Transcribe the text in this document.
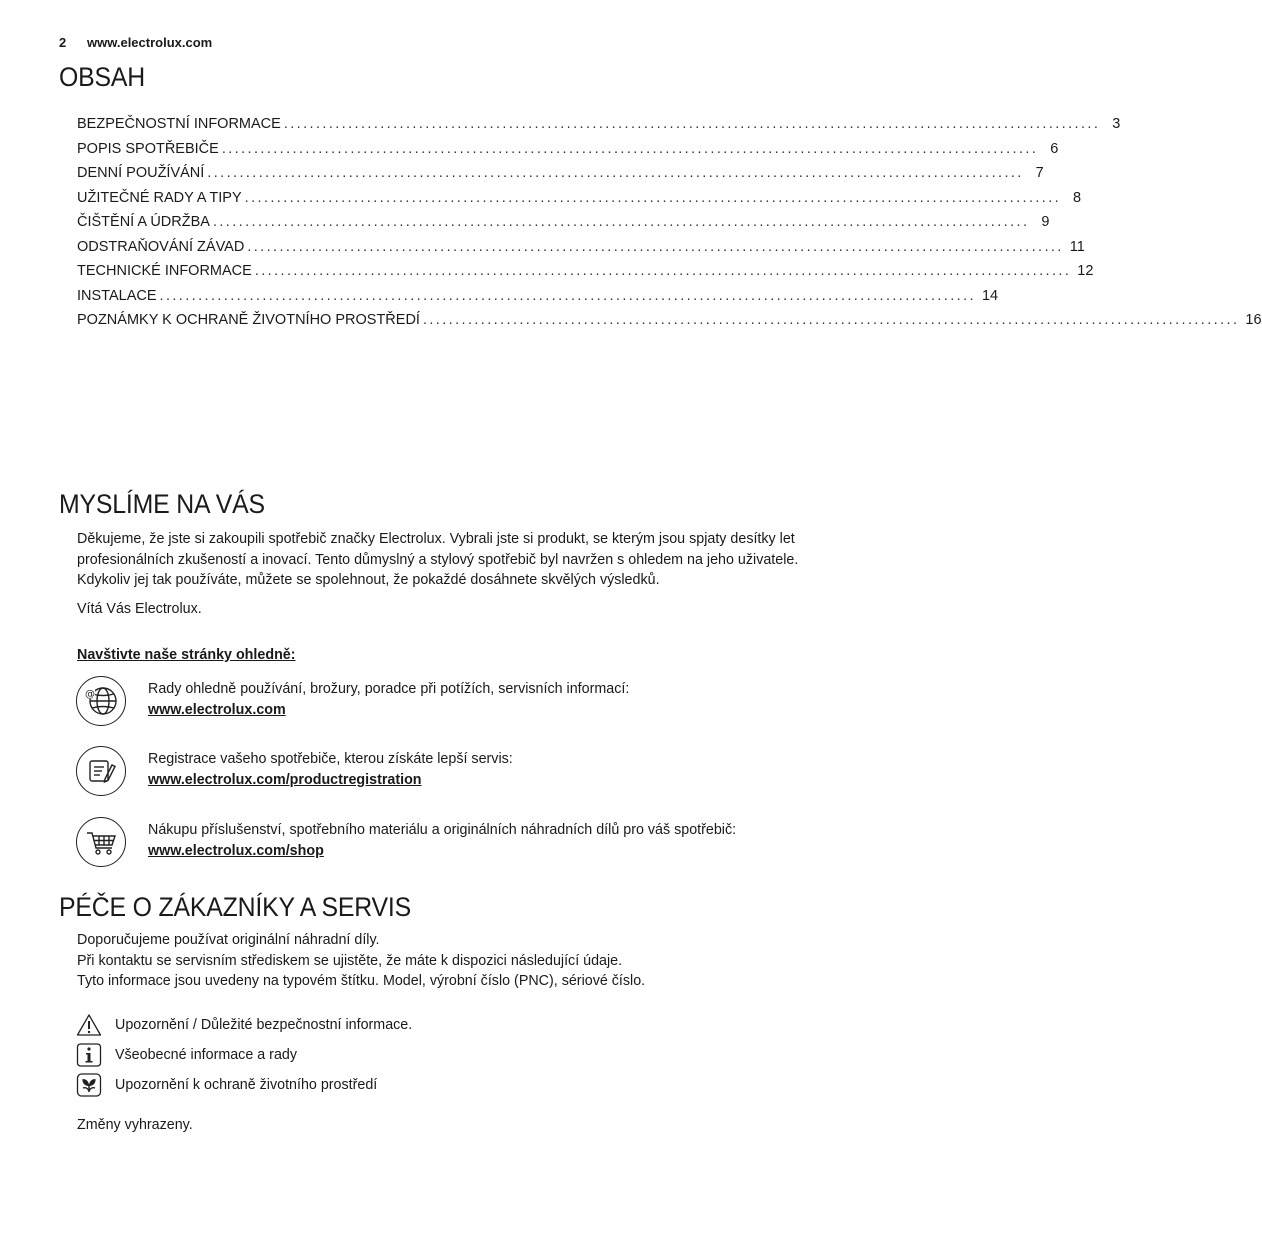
2 www.electrolux.com
OBSAH
BEZPEČNOSTNÍ INFORMACE ............................................................................................................................... 3
POPIS SPOTŘEBIČE ............................................................................................................................... 6
DENNÍ POUŽÍVÁNÍ ............................................................................................................................... 7
UŽITEČNÉ RADY A TIPY ............................................................................................................................... 8
ČIŠTĚNÍ A ÚDRŽBA ............................................................................................................................... 9
ODSTRAŇOVÁNÍ ZÁVAD ............................................................................................................................... 11
TECHNICKÉ INFORMACE ............................................................................................................................... 12
INSTALACE ............................................................................................................................... 14
POZNÁMKY K OCHRANĚ ŽIVOTNÍHO PROSTŘEDÍ ............................................................................................................................... 16
MYSLÍME NA VÁS
Děkujeme, že jste si zakoupili spotřebič značky Electrolux. Vybrali jste si produkt, se kterým jsou spjaty desítky let profesionálních zkušeností a inovací. Tento důmyslný a stylový spotřebič byl navržen s ohledem na jeho uživatele. Kdykoliv jej tak používáte, můžete se spolehnout, že pokaždé dosáhnete skvělých výsledků.
Vítá Vás Electrolux.
Navštivte naše stránky ohledně:
@	Rady ohledně používání, brožury, poradce při potížích, servisních informací:
www.electrolux.com
Registrace vašeho spotřebiče, kterou získáte lepší servis:
www.electrolux.com/productregistration
Nákupu příslušenství, spotřebního materiálu a originálních náhradních dílů pro váš spotřebič:
www.electrolux.com/shop
PÉČE O ZÁKAZNÍKY A SERVIS
Doporučujeme používat originální náhradní díly.
Při kontaktu se servisním střediskem se ujistěte, že máte k dispozici následující údaje.
Tyto informace jsou uvedeny na typovém štítku. Model, výrobní číslo (PNC), sériové číslo.
Upozornění / Důležité bezpečnostní informace.
Všeobecné informace a rady
Upozornění k ochraně životního prostředí
Změny vyhrazeny.
